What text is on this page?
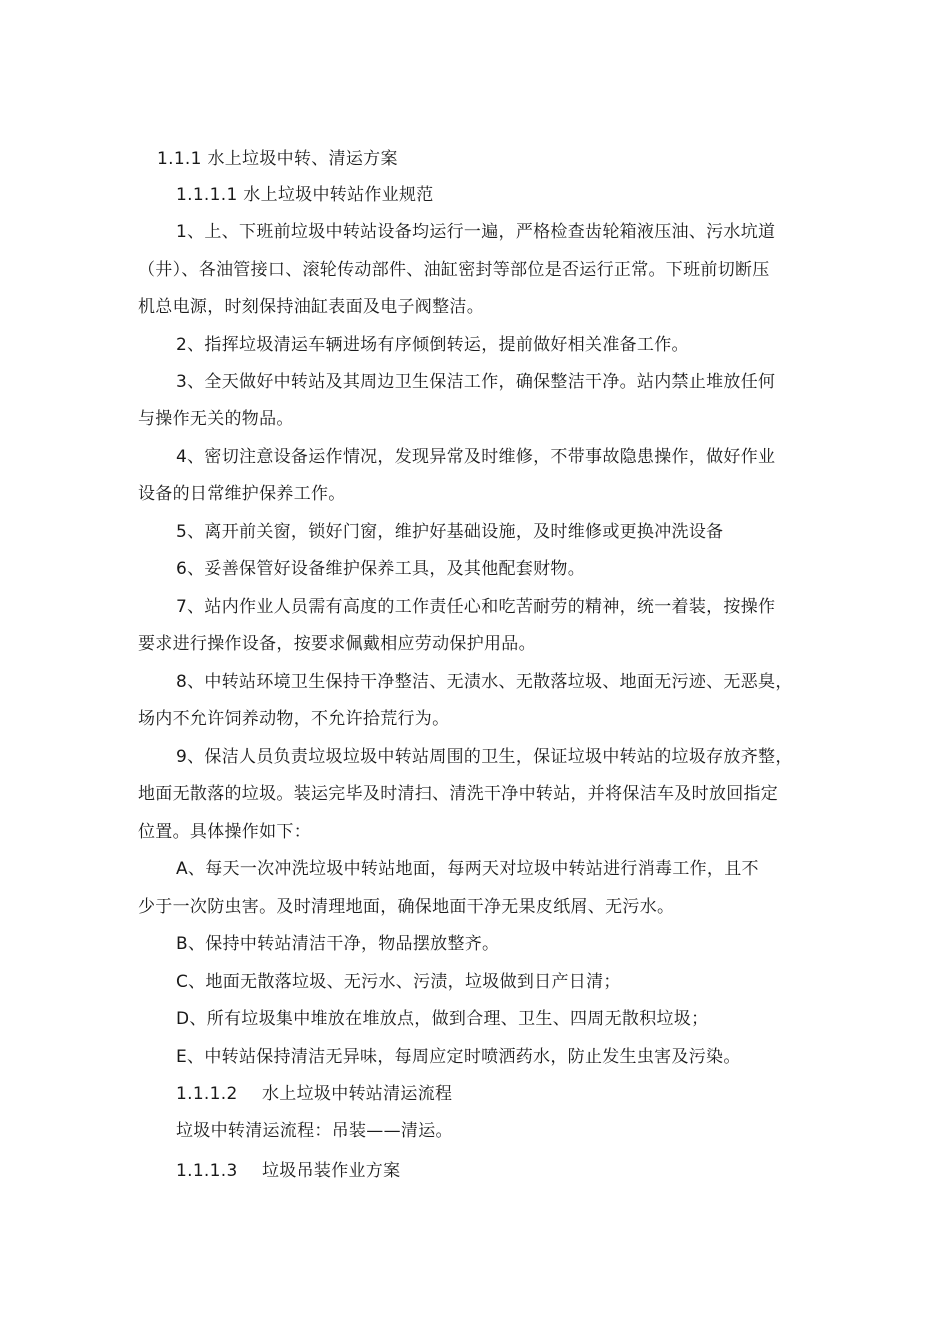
1.1.1 水上垃圾中转、清运方案
1.1.1.1 水上垃圾中转站作业规范
1、上、下班前垃圾中转站设备均运行一遍，严格检查齿轮箱液压油、污水坑道
（井）、各油管接口、滚轮传动部件、油缸密封等部位是否运行正常。下班前切断压
机总电源，时刻保持油缸表面及电子阀整洁。
2、指挥垃圾清运车辆进场有序倾倒转运，提前做好相关准备工作。
3、全天做好中转站及其周边卫生保洁工作，确保整洁干净。站内禁止堆放任何
与操作无关的物品。
4、密切注意设备运作情况，发现异常及时维修，不带事故隐患操作，做好作业
设备的日常维护保养工作。
5、离开前关窗，锁好门窗，维护好基础设施，及时维修或更换冲洗设备
6、妥善保管好设备维护保养工具，及其他配套财物。
7、站内作业人员需有高度的工作责任心和吃苦耐劳的精神，统一着装，按操作
要求进行操作设备，按要求佩戴相应劳动保护用品。
8、中转站环境卫生保持干净整洁、无渍水、无散落垃圾、地面无污迹、无恶臭，
场内不允许饲养动物，不允许拾荒行为。
9、保洁人员负责垃圾垃圾中转站周围的卫生，保证垃圾中转站的垃圾存放齐整，
地面无散落的垃圾。装运完毕及时清扫、清洗干净中转站，并将保洁车及时放回指定
位置。具体操作如下：
A、每天一次冲洗垃圾中转站地面，每两天对垃圾中转站进行消毒工作，且不
少于一次防虫害。及时清理地面，确保地面干净无果皮纸屑、无污水。
B、保持中转站清洁干净，物品摆放整齐。
C、地面无散落垃圾、无污水、污渍，垃圾做到日产日清；
D、所有垃圾集中堆放在堆放点，做到合理、卫生、四周无散积垃圾；
E、中转站保持清洁无异味，每周应定时喷洒药水，防止发生虫害及污染。
1.1.1.2 水上垃圾中转站清运流程
垃圾中转清运流程：吊装——清运。
1.1.1.3 垃圾吊装作业方案
